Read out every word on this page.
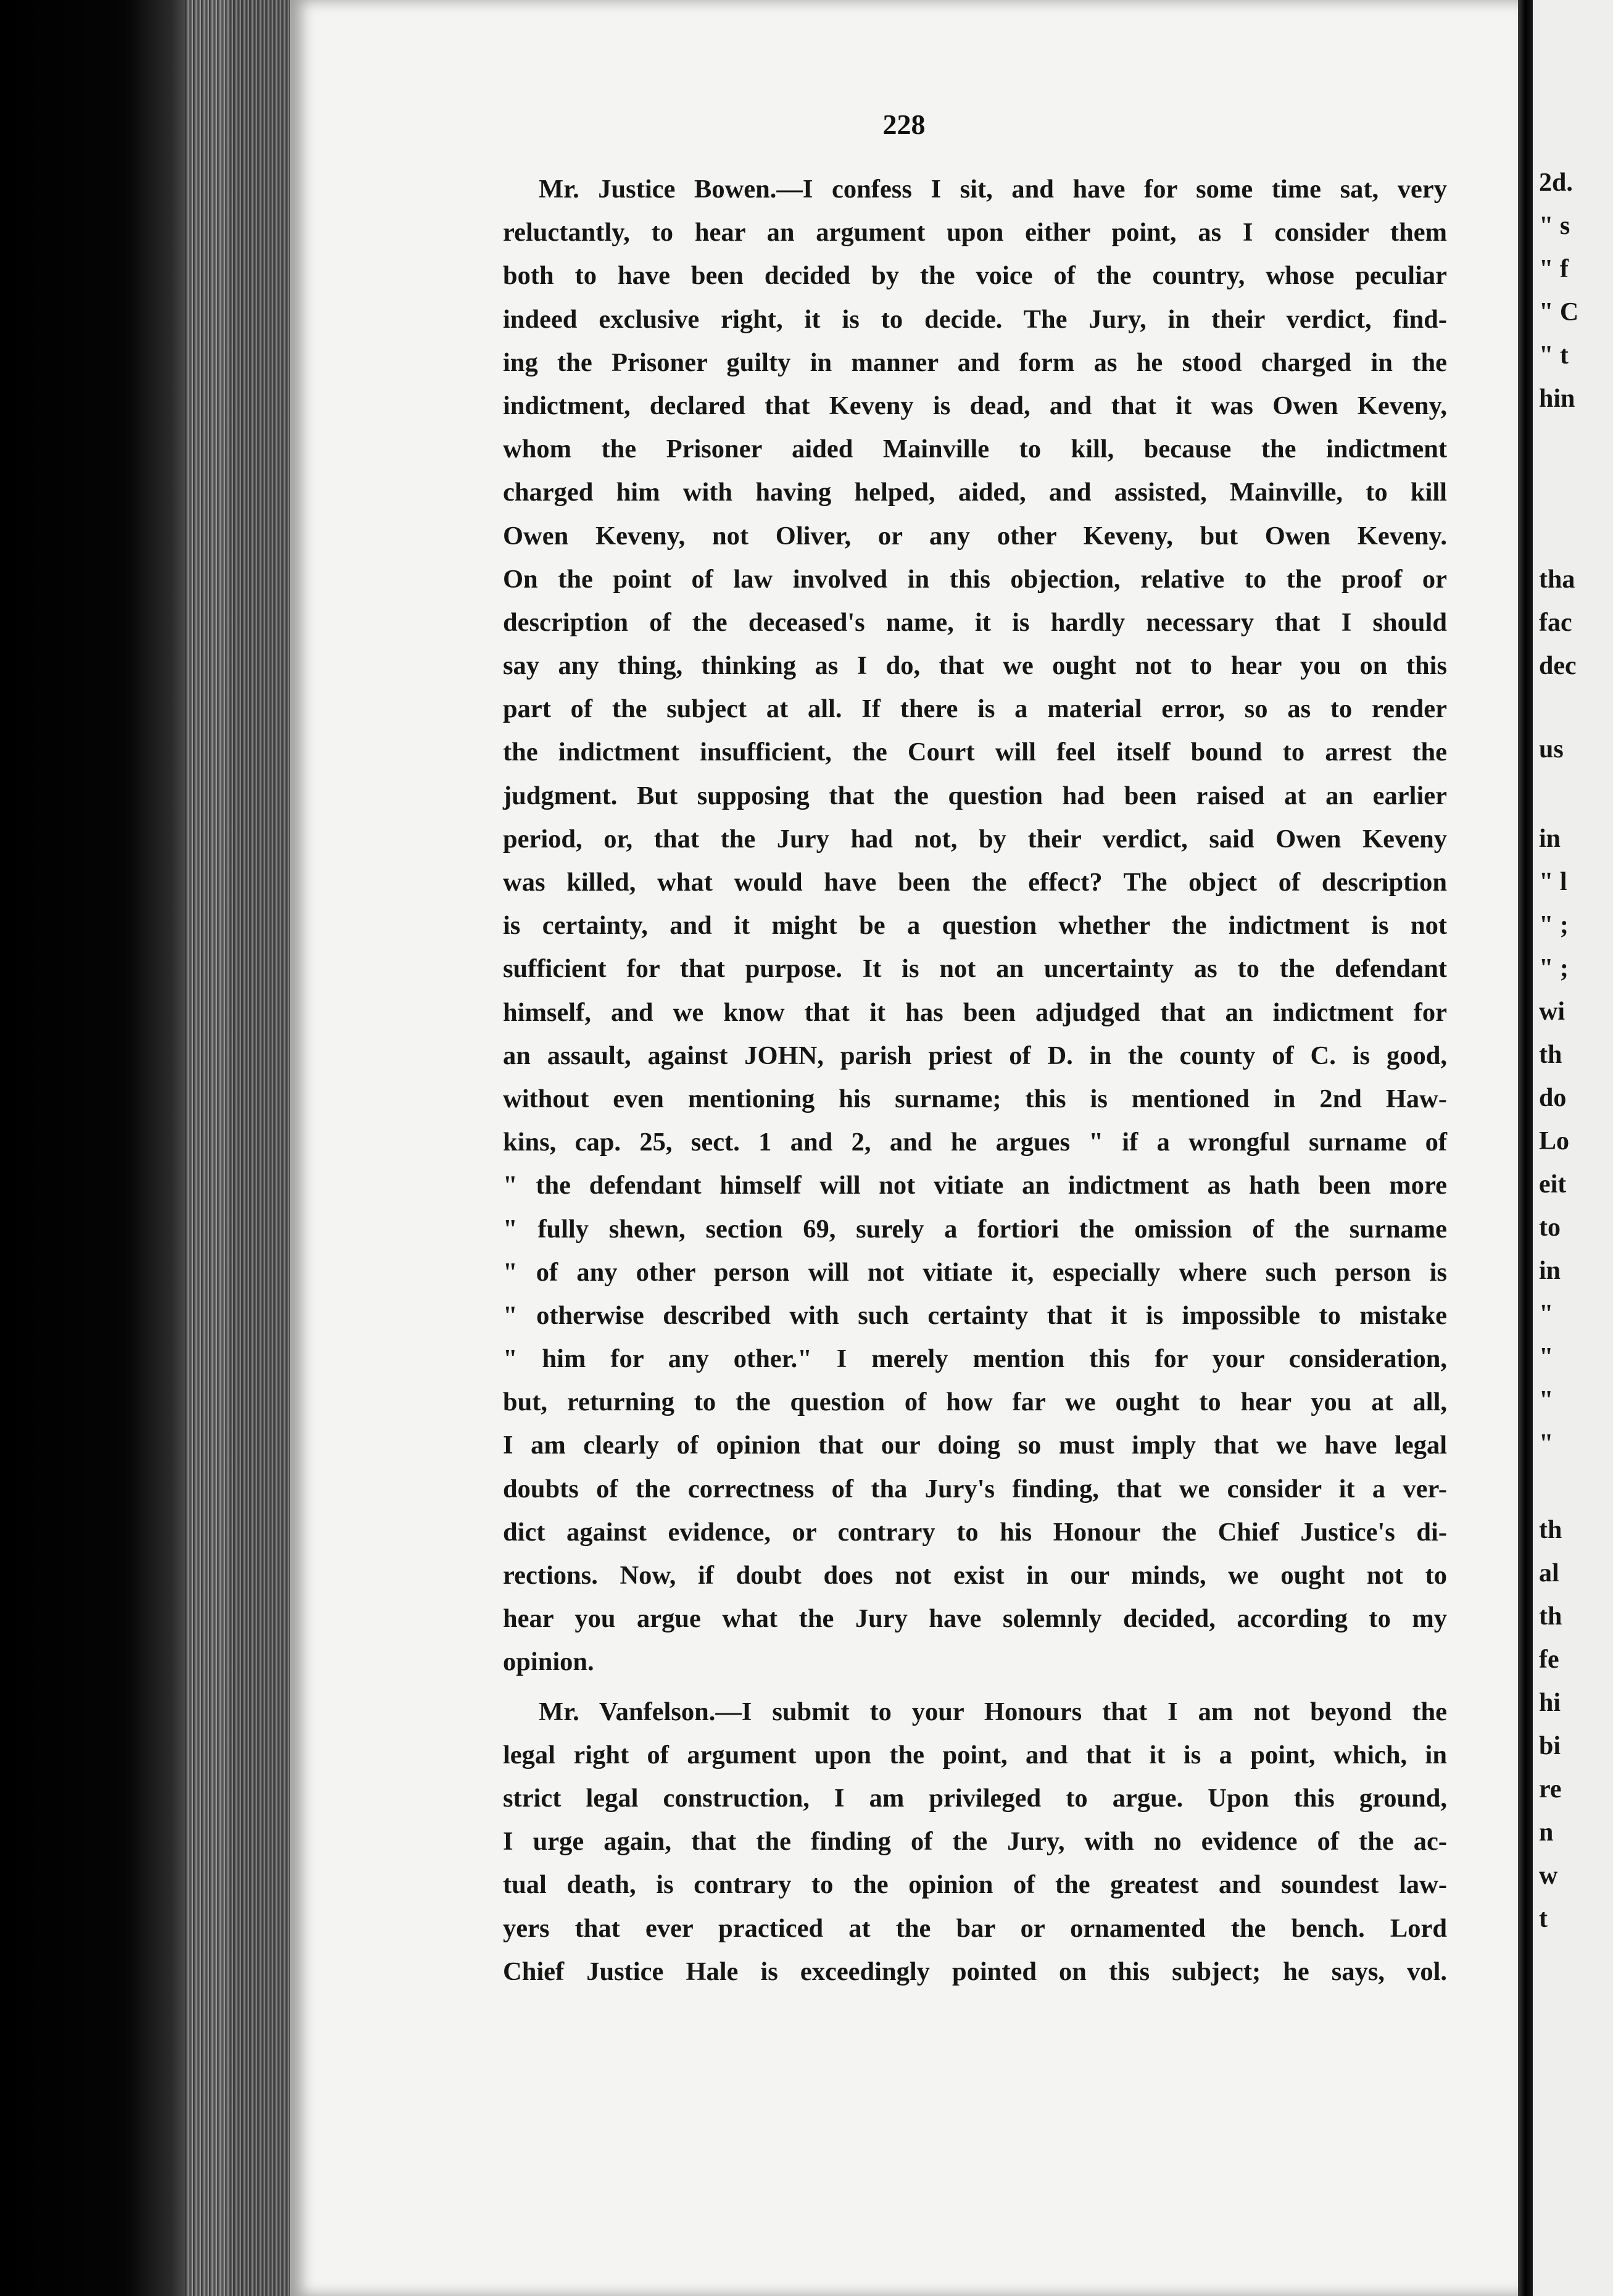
228
Mr. Justice Bowen.—I confess I sit, and have for some time sat, very
reluctantly, to hear an argument upon either point, as I consider them
both to have been decided by the voice of the country, whose peculiar
indeed exclusive right, it is to decide. The Jury, in their verdict, find-
ing the Prisoner guilty in manner and form as he stood charged in the
indictment, declared that Keveny is dead, and that it was Owen Keveny,
whom the Prisoner aided Mainville to kill, because the indictment
charged him with having helped, aided, and assisted, Mainville, to kill
Owen Keveny, not Oliver, or any other Keveny, but Owen Keveny.
On the point of law involved in this objection, relative to the proof or
description of the deceased's name, it is hardly necessary that I should
say any thing, thinking as I do, that we ought not to hear you on this
part of the subject at all. If there is a material error, so as to render
the indictment insufficient, the Court will feel itself bound to arrest the
judgment. But supposing that the question had been raised at an earlier
period, or, that the Jury had not, by their verdict, said Owen Keveny
was killed, what would have been the effect? The object of description
is certainty, and it might be a question whether the indictment is not
sufficient for that purpose. It is not an uncertainty as to the defendant
himself, and we know that it has been adjudged that an indictment for
an assault, against JOHN, parish priest of D. in the county of C. is good,
without even mentioning his surname; this is mentioned in 2nd Haw-
kins, cap. 25, sect. 1 and 2, and he argues " if a wrongful surname of
" the defendant himself will not vitiate an indictment as hath been more
" fully shewn, section 69, surely a fortiori the omission of the surname
" of any other person will not vitiate it, especially where such person is
" otherwise described with such certainty that it is impossible to mistake
" him for any other." I merely mention this for your consideration,
but, returning to the question of how far we ought to hear you at all,
I am clearly of opinion that our doing so must imply that we have legal
doubts of the correctness of tha Jury's finding, that we consider it a ver-
dict against evidence, or contrary to his Honour the Chief Justice's di-
rections. Now, if doubt does not exist in our minds, we ought not to
hear you argue what the Jury have solemnly decided, according to my
opinion.
Mr. Vanfelson.—I submit to your Honours that I am not beyond the
legal right of argument upon the point, and that it is a point, which, in
strict legal construction, I am privileged to argue. Upon this ground,
I urge again, that the finding of the Jury, with no evidence of the ac-
tual death, is contrary to the opinion of the greatest and soundest law-
yers that ever practiced at the bar or ornamented the bench. Lord
Chief Justice Hale is exceedingly pointed on this subject; he says, vol.
2d.
" s
" f
" C
" t
hin
tha
fac
dec
us
in
" l
" ;
" ;
wi
th
do
Lo
eit
to
in
"
"
"
"
th
al
th
fe
hi
bi
re
n
w
t
